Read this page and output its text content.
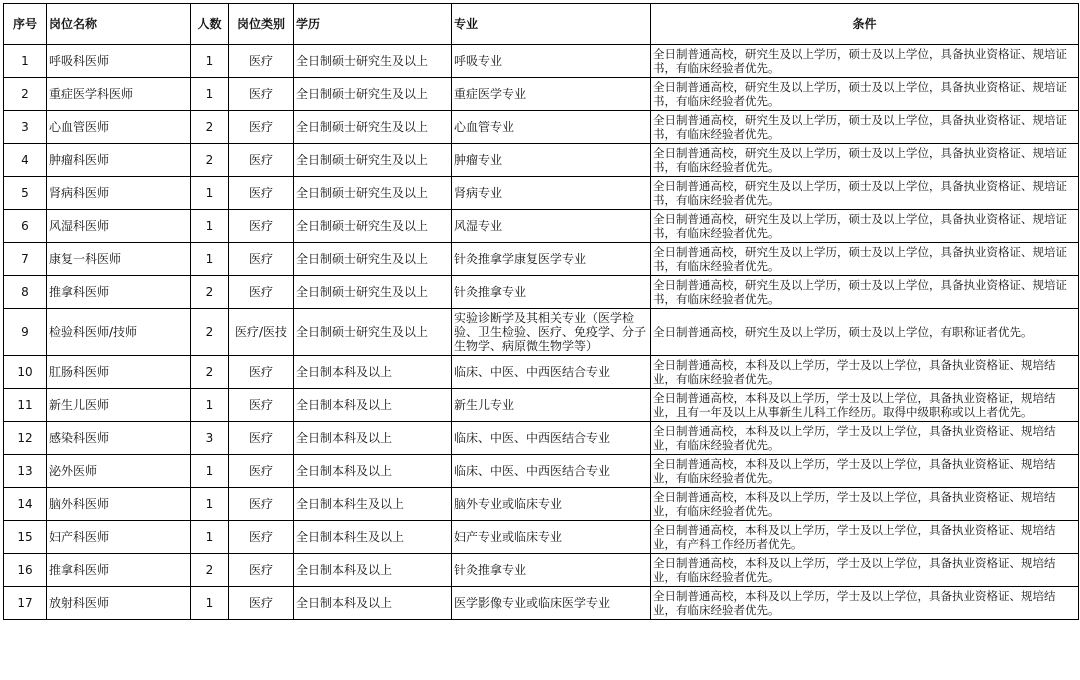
序号	岗位名称	人数	岗位类别	学历	专业	条件
1	呼吸科医师	1	医疗	全日制硕士研究生及以上	呼吸专业	全日制普通高校，研究生及以上学历，硕士及以上学位，具备执业资格证、规培证书，有临床经验者优先。
2	重症医学科医师	1	医疗	全日制硕士研究生及以上	重症医学专业	全日制普通高校，研究生及以上学历，硕士及以上学位，具备执业资格证、规培证书，有临床经验者优先。
3	心血管医师	2	医疗	全日制硕士研究生及以上	心血管专业	全日制普通高校，研究生及以上学历，硕士及以上学位，具备执业资格证、规培证书，有临床经验者优先。
4	肿瘤科医师	2	医疗	全日制硕士研究生及以上	肿瘤专业	全日制普通高校，研究生及以上学历，硕士及以上学位，具备执业资格证、规培证书，有临床经验者优先。
5	肾病科医师	1	医疗	全日制硕士研究生及以上	肾病专业	全日制普通高校，研究生及以上学历，硕士及以上学位，具备执业资格证、规培证书，有临床经验者优先。
6	风湿科医师	1	医疗	全日制硕士研究生及以上	风湿专业	全日制普通高校，研究生及以上学历，硕士及以上学位，具备执业资格证、规培证书，有临床经验者优先。
7	康复一科医师	1	医疗	全日制硕士研究生及以上	针灸推拿学康复医学专业	全日制普通高校，研究生及以上学历，硕士及以上学位，具备执业资格证、规培证书，有临床经验者优先。
8	推拿科医师	2	医疗	全日制硕士研究生及以上	针灸推拿专业	全日制普通高校，研究生及以上学历，硕士及以上学位，具备执业资格证、规培证书，有临床经验者优先。
9	检验科医师/技师	2	医疗/医技	全日制硕士研究生及以上	实验诊断学及其相关专业（医学检验、卫生检验、医疗、免疫学、分子生物学、病原微生物学等）	全日制普通高校，研究生及以上学历，硕士及以上学位，有职称证者优先。
10	肛肠科医师	2	医疗	全日制本科及以上	临床、中医、中西医结合专业	全日制普通高校，本科及以上学历，学士及以上学位，具备执业资格证、规培结业，有临床经验者优先。
11	新生儿医师	1	医疗	全日制本科及以上	新生儿专业	全日制普通高校，本科及以上学历，学士及以上学位，具备执业资格证，规培结业，且有一年及以上从事新生儿科工作经历。取得中级职称或以上者优先。
12	感染科医师	3	医疗	全日制本科及以上	临床、中医、中西医结合专业	全日制普通高校，本科及以上学历，学士及以上学位，具备执业资格证、规培结业，有临床经验者优先。
13	泌外医师	1	医疗	全日制本科及以上	临床、中医、中西医结合专业	全日制普通高校，本科及以上学历，学士及以上学位，具备执业资格证、规培结业，有临床经验者优先。
14	脑外科医师	1	医疗	全日制本科生及以上	脑外专业或临床专业	全日制普通高校，本科及以上学历，学士及以上学位，具备执业资格证、规培结业，有临床经验者优先。
15	妇产科医师	1	医疗	全日制本科生及以上	妇产专业或临床专业	全日制普通高校，本科及以上学历，学士及以上学位，具备执业资格证、规培结业，有产科工作经历者优先。
16	推拿科医师	2	医疗	全日制本科及以上	针灸推拿专业	全日制普通高校，本科及以上学历，学士及以上学位，具备执业资格证、规培结业，有临床经验者优先。
17	放射科医师	1	医疗	全日制本科及以上	医学影像专业或临床医学专业	全日制普通高校，本科及以上学历，学士及以上学位，具备执业资格证、规培结业，有临床经验者优先。
